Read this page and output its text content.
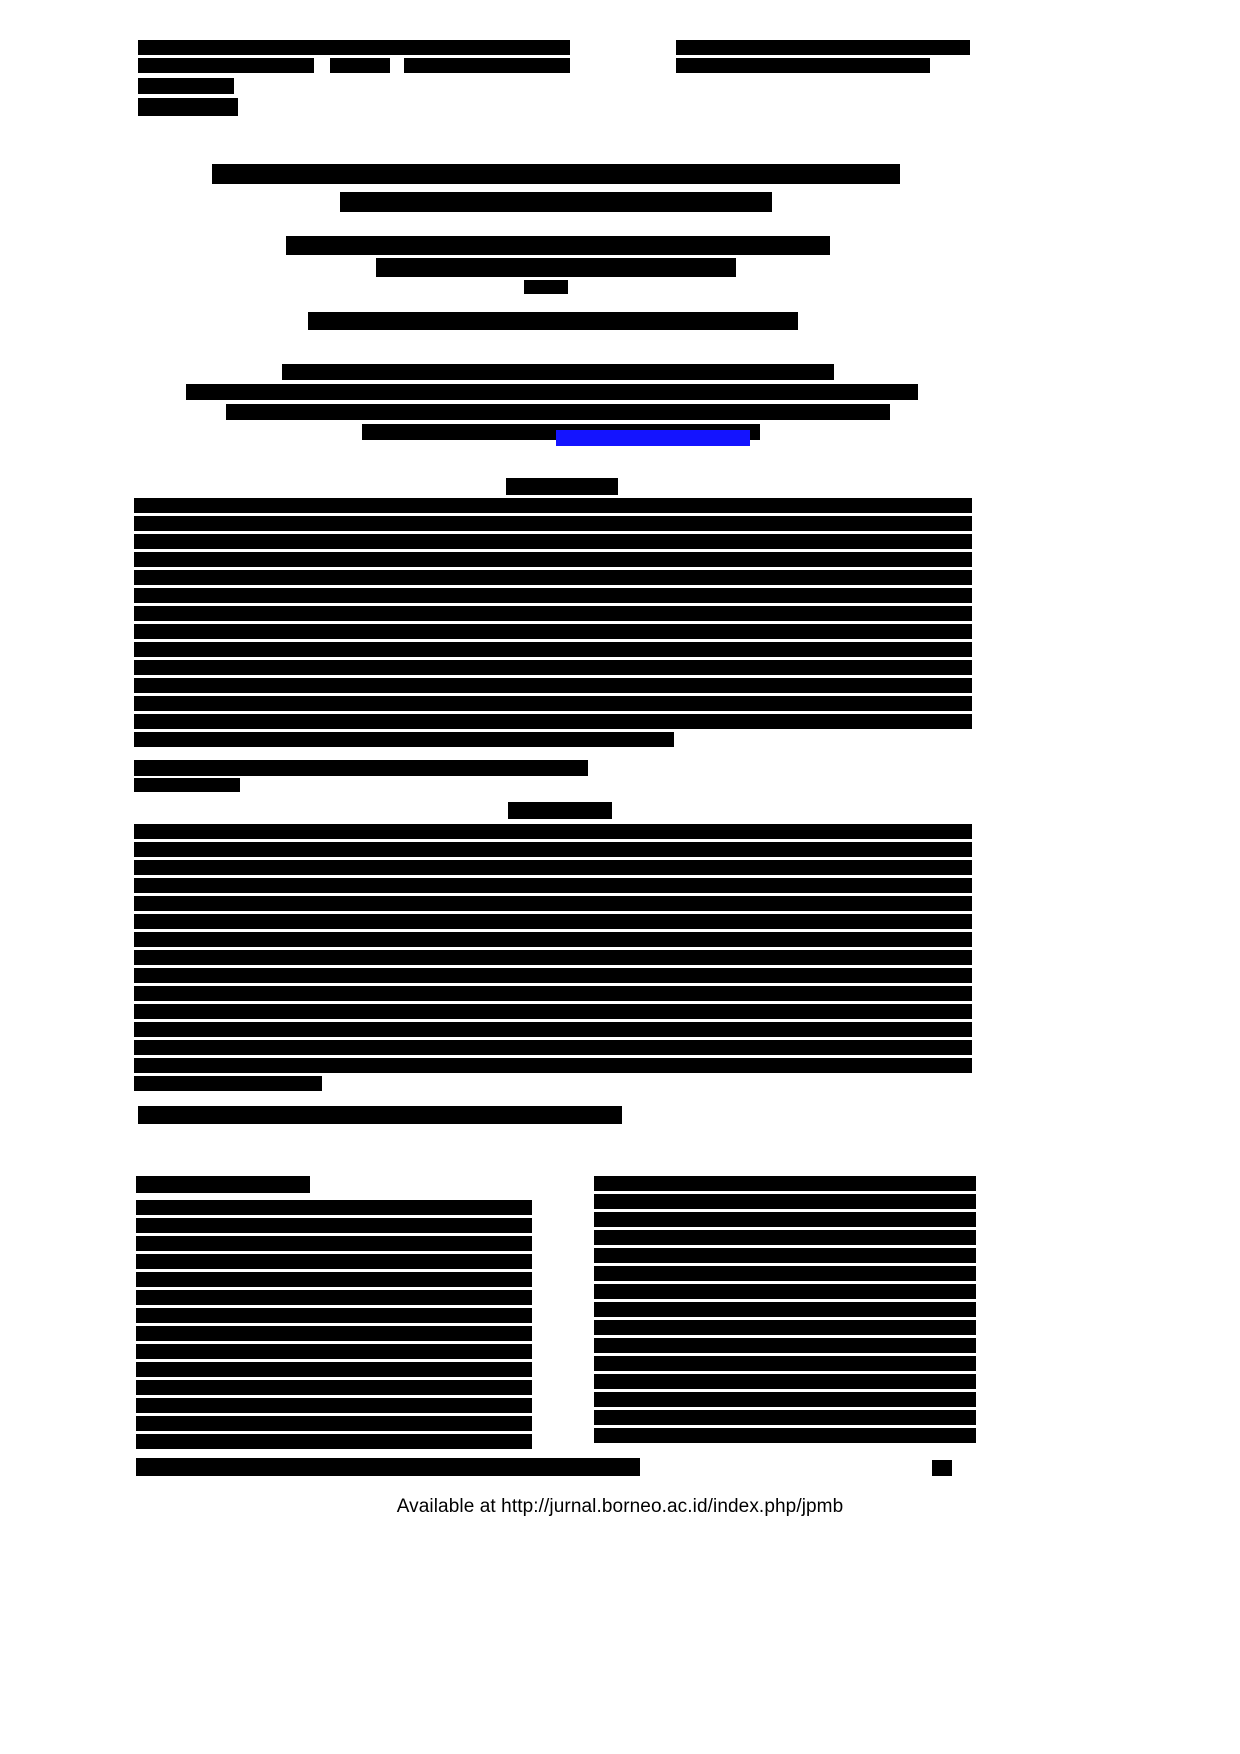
Available at http://jurnal.borneo.ac.id/index.php/jpmb
